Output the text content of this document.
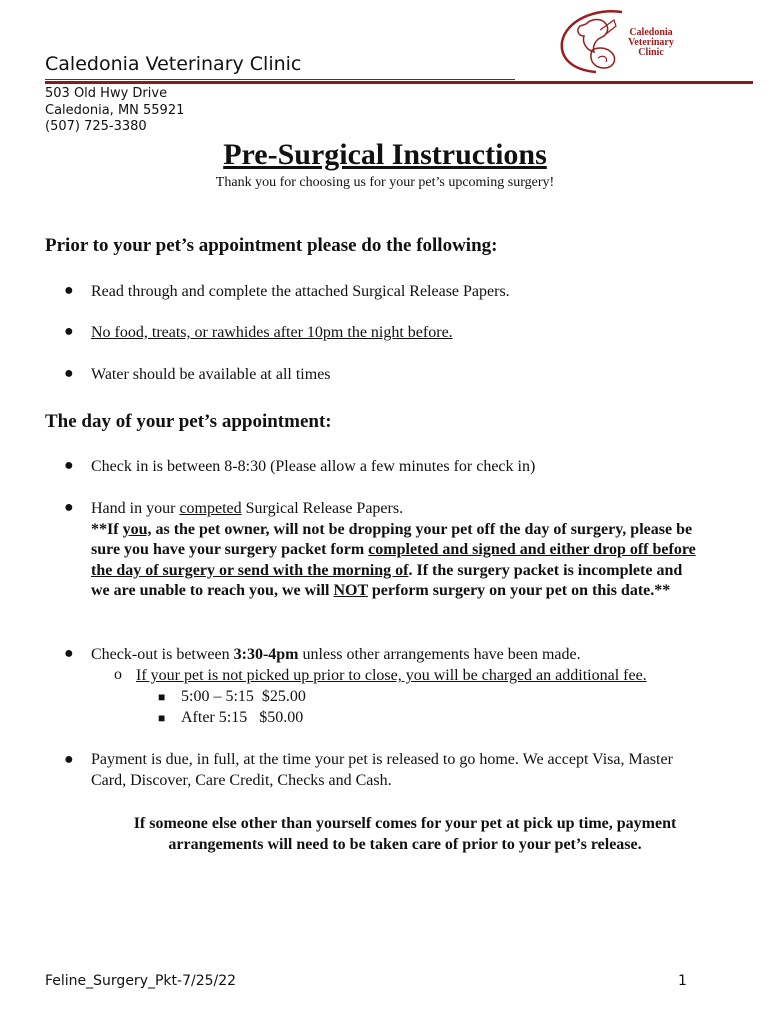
Caledonia Veterinary Clinic
503 Old Hwy Drive
Caledonia, MN 55921
(507) 725-3380
Caledonia
Veterinary
Clinic
Pre-Surgical Instructions
Thank you for choosing us for your pet’s upcoming surgery!
Prior to your pet’s appointment please do the following:
● Read through and complete the attached Surgical Release Papers.
● No food, treats, or rawhides after 10pm the night before.
● Water should be available at all times
The day of your pet’s appointment:
● Check in is between 8-8:30 (Please allow a few minutes for check in)
● Hand in your competed Surgical Release Papers.
**If you, as the pet owner, will not be dropping your pet off the day of surgery, please be sure you have your surgery packet form completed and signed and either drop off before the day of surgery or send with the morning of. If the surgery packet is incomplete and we are unable to reach you, we will NOT perform surgery on your pet on this date.**
● Check-out is between 3:30-4pm unless other arrangements have been made.
o If your pet is not picked up prior to close, you will be charged an additional fee.
■ 5:00 – 5:15  $25.00
■ After 5:15   $50.00
● Payment is due, in full, at the time your pet is released to go home. We accept Visa, Master Card, Discover, Care Credit, Checks and Cash.
If someone else other than yourself comes for your pet at pick up time, payment arrangements will need to be taken care of prior to your pet’s release.
Feline_Surgery_Pkt-7/25/22	1
